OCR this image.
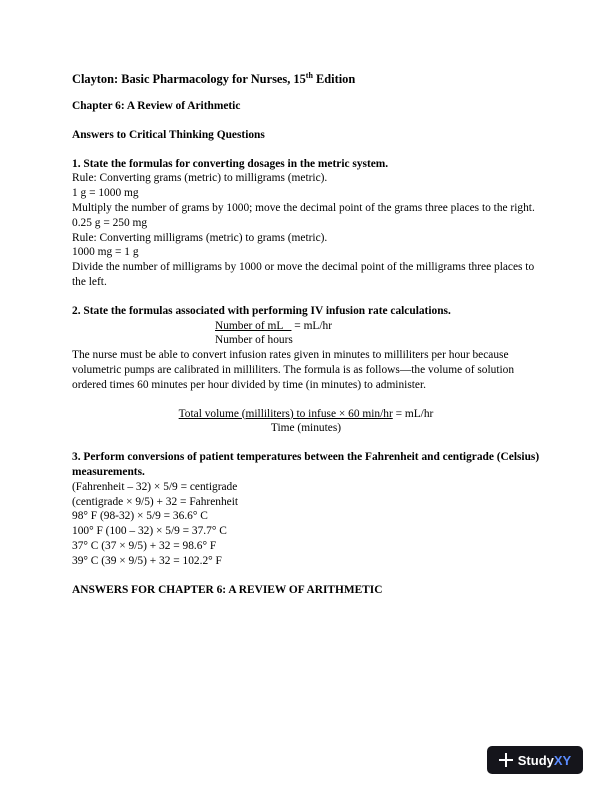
Clayton: Basic Pharmacology for Nurses, 15th Edition
Chapter 6: A Review of Arithmetic
Answers to Critical Thinking Questions
1. State the formulas for converting dosages in the metric system.
Rule: Converting grams (metric) to milligrams (metric).
1 g = 1000 mg
Multiply the number of grams by 1000; move the decimal point of the grams three places to the right.
0.25 g = 250 mg
Rule: Converting milligrams (metric) to grams (metric).
1000 mg = 1 g
Divide the number of milligrams by 1000 or move the decimal point of the milligrams three places to the left.
2. State the formulas associated with performing IV infusion rate calculations.
Number of mL    = mL/hr
Number of hours
The nurse must be able to convert infusion rates given in minutes to milliliters per hour because volumetric pumps are calibrated in milliliters. The formula is as follows—the volume of solution ordered times 60 minutes per hour divided by time (in minutes) to administer.
Total volume (milliliters) to infuse × 60 min/hr = mL/hr
Time (minutes)
3. Perform conversions of patient temperatures between the Fahrenheit and centigrade (Celsius) measurements.
(Fahrenheit – 32) × 5/9 = centigrade
(centigrade × 9/5) + 32 = Fahrenheit
98° F (98-32) × 5/9 = 36.6° C
100° F (100 – 32) × 5/9 = 37.7° C
37° C (37 × 9/5) + 32 = 98.6° F
39° C (39 × 9/5) + 32 = 102.2° F
ANSWERS FOR CHAPTER 6: A REVIEW OF ARITHMETIC
Study XY
